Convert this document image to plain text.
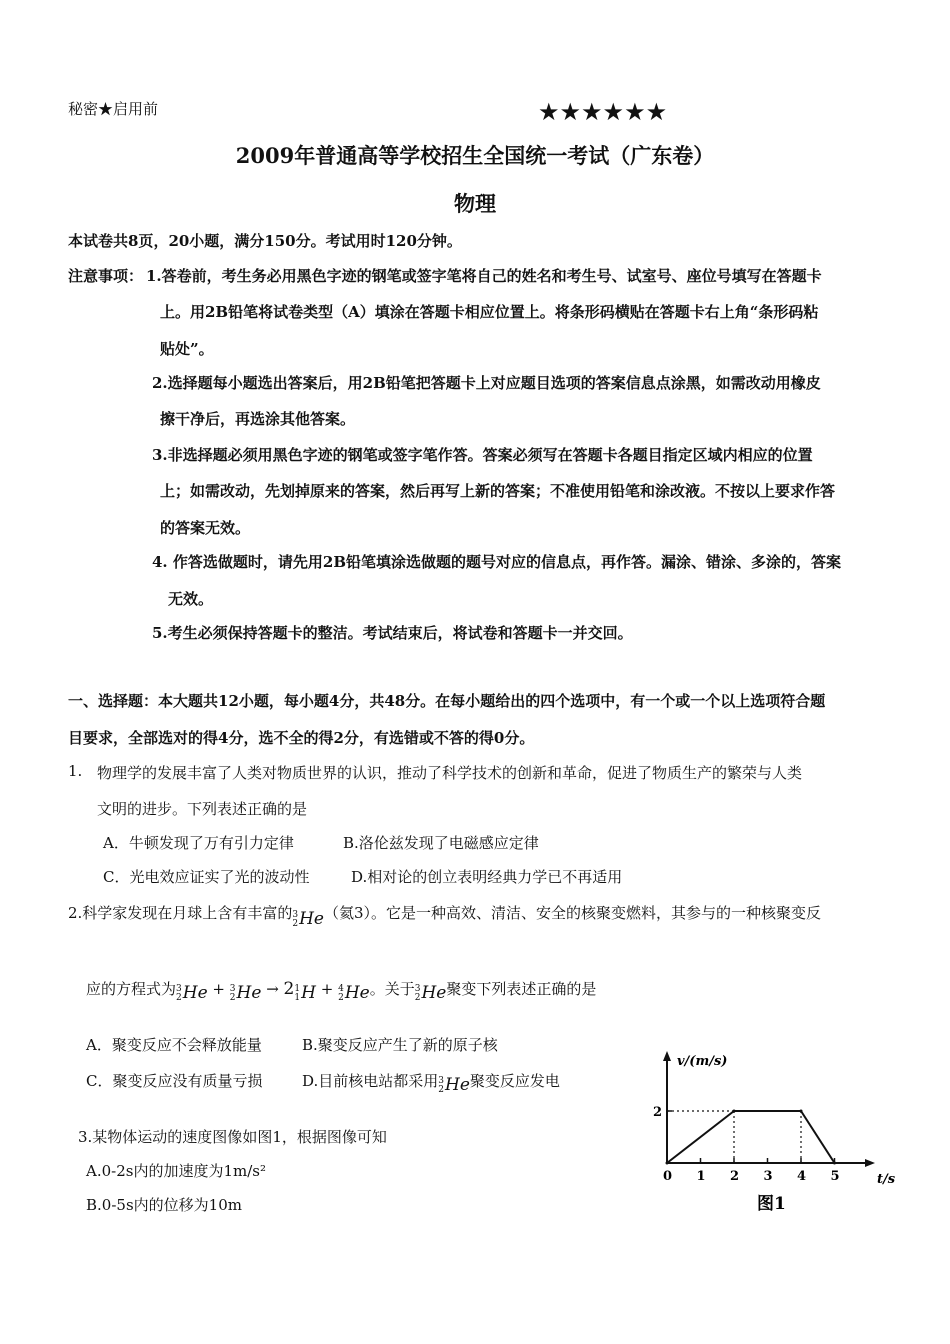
秘密★启用前	★★★★★★
2009年普通高等学校招生全国统一考试（广东卷）
物理
本试卷共8页，20小题，满分150分。考试用时120分钟。
注意事项： 1.答卷前，考生务必用黑色字迹的钢笔或签字笔将自己的姓名和考生号、试室号、座位号填写在答题卡
上。用2B铅笔将试卷类型（A）填涂在答题卡相应位置上。将条形码横贴在答题卡右上角“条形码粘
贴处”。
2.选择题每小题选出答案后，用2B铅笔把答题卡上对应题目选项的答案信息点涂黑，如需改动用橡皮
擦干净后，再选涂其他答案。
3.非选择题必须用黑色字迹的钢笔或签字笔作答。答案必须写在答题卡各题目指定区域内相应的位置
上；如需改动，先划掉原来的答案，然后再写上新的答案；不准使用铅笔和涂改液。不按以上要求作答
的答案无效。
4. 作答选做题时，请先用2B铅笔填涂选做题的题号对应的信息点，再作答。漏涂、错涂、多涂的，答案
无效。
5.考生必须保持答题卡的整洁。考试结束后，将试卷和答题卡一并交回。
一、选择题：本大题共12小题，每小题4分，共48分。在每小题给出的四个选项中，有一个或一个以上选项符合题
目要求，全部选对的得4分，选不全的得2分，有选错或不答的得0分。
1. 物理学的发展丰富了人类对物质世界的认识，推动了科学技术的创新和革命，促进了物质生产的繁荣与人类
文明的进步。下列表述正确的是
A．牛顿发现了万有引力定律	B.洛伦兹发现了电磁感应定律
C．光电效应证实了光的波动性	D.相对论的创立表明经典力学已不再适用
2.科学家发现在月球上含有丰富的 3
2 He（氦3）。它是一种高效、清洁、安全的核聚变燃料，其参与的一种核聚变反
应的方程式为 3
2 He + 3
2 He → 2 1
1 H + 4
2 He。关于 3
2 He聚变下列表述正确的是
A．聚变反应不会释放能量	B.聚变反应产生了新的原子核
C．聚变反应没有质量亏损	D.目前核电站都采用 3
2 He聚变反应发电
3.某物体运动的速度图像如图1，根据图像可知
A.0-2s内的加速度为1m/s²
B.0-5s内的位移为10m
v/(m/s)
t/s
图1
0 1 2 3 4 5
2
